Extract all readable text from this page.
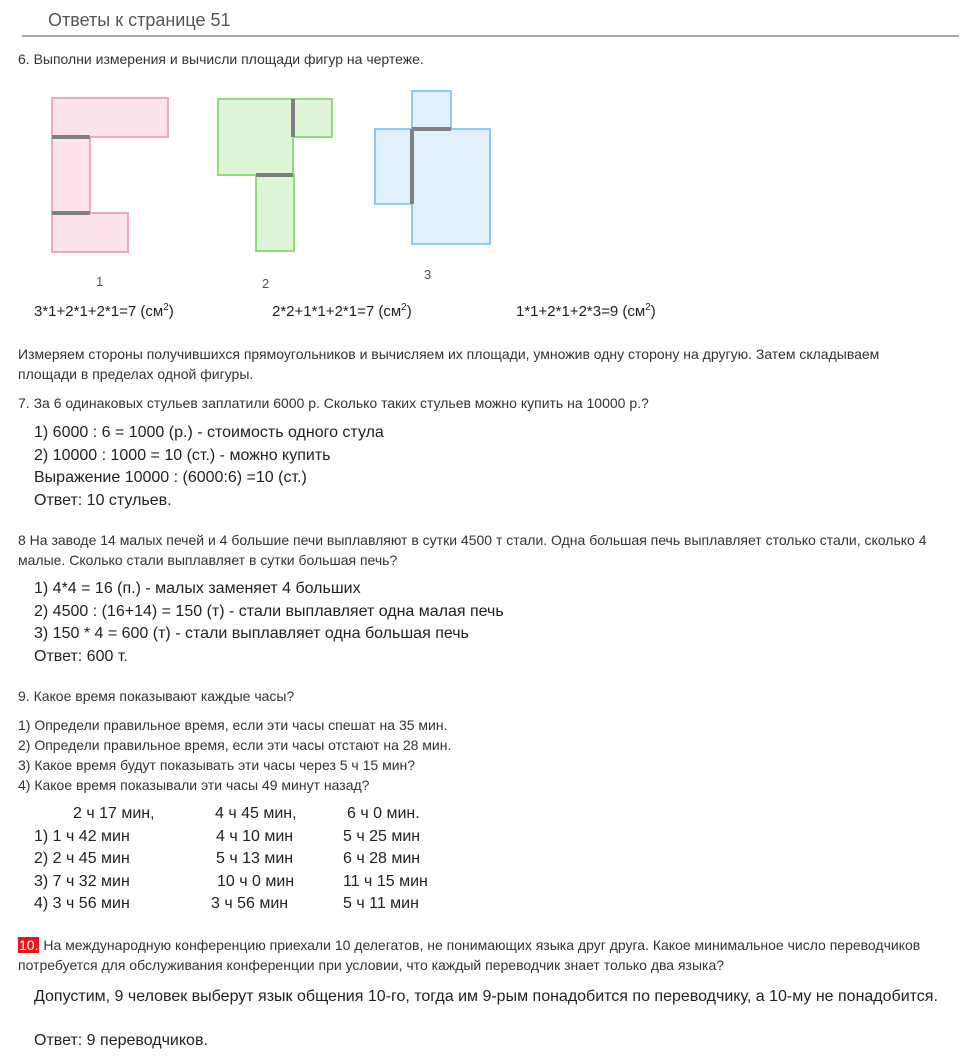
Ответы к странице 51
6. Выполни измерения и вычисли площади фигур на чертеже.
1	2
3
3*1+2*1+2*1=7 $(см^2)$	2*2+1*1+2*1=7 $(см^2)$	1*1+2*1+2*3=9 $(см^2)$
Измеряем стороны получившихся прямоугольников и вычисляем их площади, умножив одну сторону на другую. Затем складываем площади в пределах одной фигуры.
7. За 6 одинаковых стульев заплатили 6000 р. Сколько таких стульев можно купить на 10000 р.?
1) 6000 : 6 = 1000 (р.) - стоимость одного стула
2) 10000 : 1000 = 10 (ст.) - можно купить
Выражение 10000 : (6000:6) =10 (ст.)
Ответ: 10 стульев.
8 На заводе 14 малых печей и 4 большие печи выплавляют в сутки 4500 т стали. Одна большая печь выплавляет столько стали, сколько 4 малые. Сколько стали выплавляет в сутки большая печь?
1) 4*4 = 16 (п.) - малых заменяет 4 больших
2) 4500 : (16+14) = 150 (т) - стали выплавляет одна малая печь
3) 150 * 4 = 600 (т) - стали выплавляет одна большая печь
Ответ: 600 т.
9. Какое время показывают каждые часы?
1) Определи правильное время, если эти часы спешат на 35 мин.
2) Определи правильное время, если эти часы отстают на 28 мин.
3) Какое время будут показывать эти часы через 5 ч 15 мин?
4) Какое время показывали эти часы 49 минут назад?
2 ч 17 мин,	4 ч 45 мин,	6 ч 0 мин.
1) 1 ч 42 мин	4 ч 10 мин	5 ч 25 мин
2) 2 ч 45 мин	5 ч 13 мин	6 ч 28 мин
3) 7 ч 32 мин	10 ч 0 мин	11 ч 15 мин
4) 3 ч 56 мин	3 ч 56 мин	5 ч 11 мин
10. На международную конференцию приехали 10 делегатов, не понимающих языка друг друга. Какое минимальное число переводчиков потребуется для обслуживания конференции при условии, что каждый переводчик знает только два языка?
Допустим, 9 человек выберут язык общения 10-го, тогда им 9-рым понадобится по переводчику, а 10-му не понадобится.
Ответ: 9 переводчиков.
